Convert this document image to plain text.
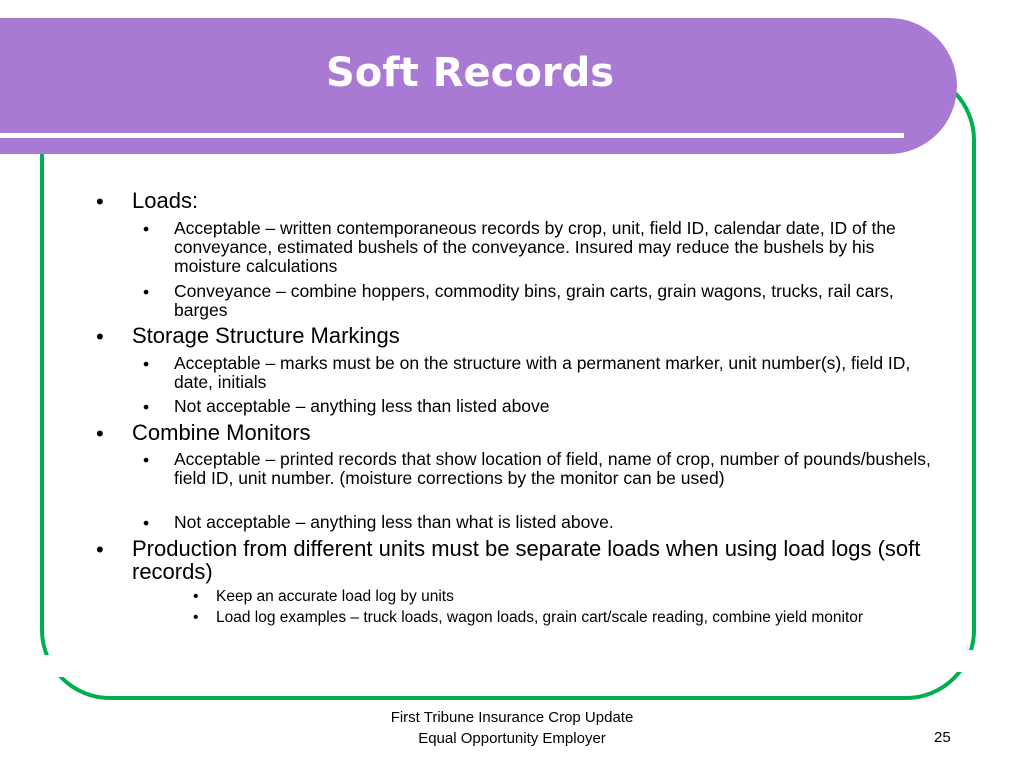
Soft Records
•	Loads:
• Acceptable – written contemporaneous records by crop, unit, field ID, calendar date, ID of the conveyance, estimated bushels of the conveyance. Insured may reduce the bushels by his moisture calculations
• Conveyance – combine hoppers, commodity bins, grain carts, grain wagons, trucks, rail cars, barges
•	Storage Structure Markings
• Acceptable – marks must be on the structure with a permanent marker, unit number(s), field ID, date, initials
• Not acceptable – anything less than listed above
•	Combine Monitors
• Acceptable – printed records that show location of field, name of crop, number of pounds/bushels, field ID, unit number. (moisture corrections by the monitor can be used)
• Not acceptable – anything less than what is listed above.
•	Production from different units must be separate loads when using load logs (soft records)
• Keep an accurate load log by units
• Load log examples – truck loads, wagon loads, grain cart/scale reading, combine yield monitor
First Tribune Insurance Crop Update
Equal Opportunity Employer	25
